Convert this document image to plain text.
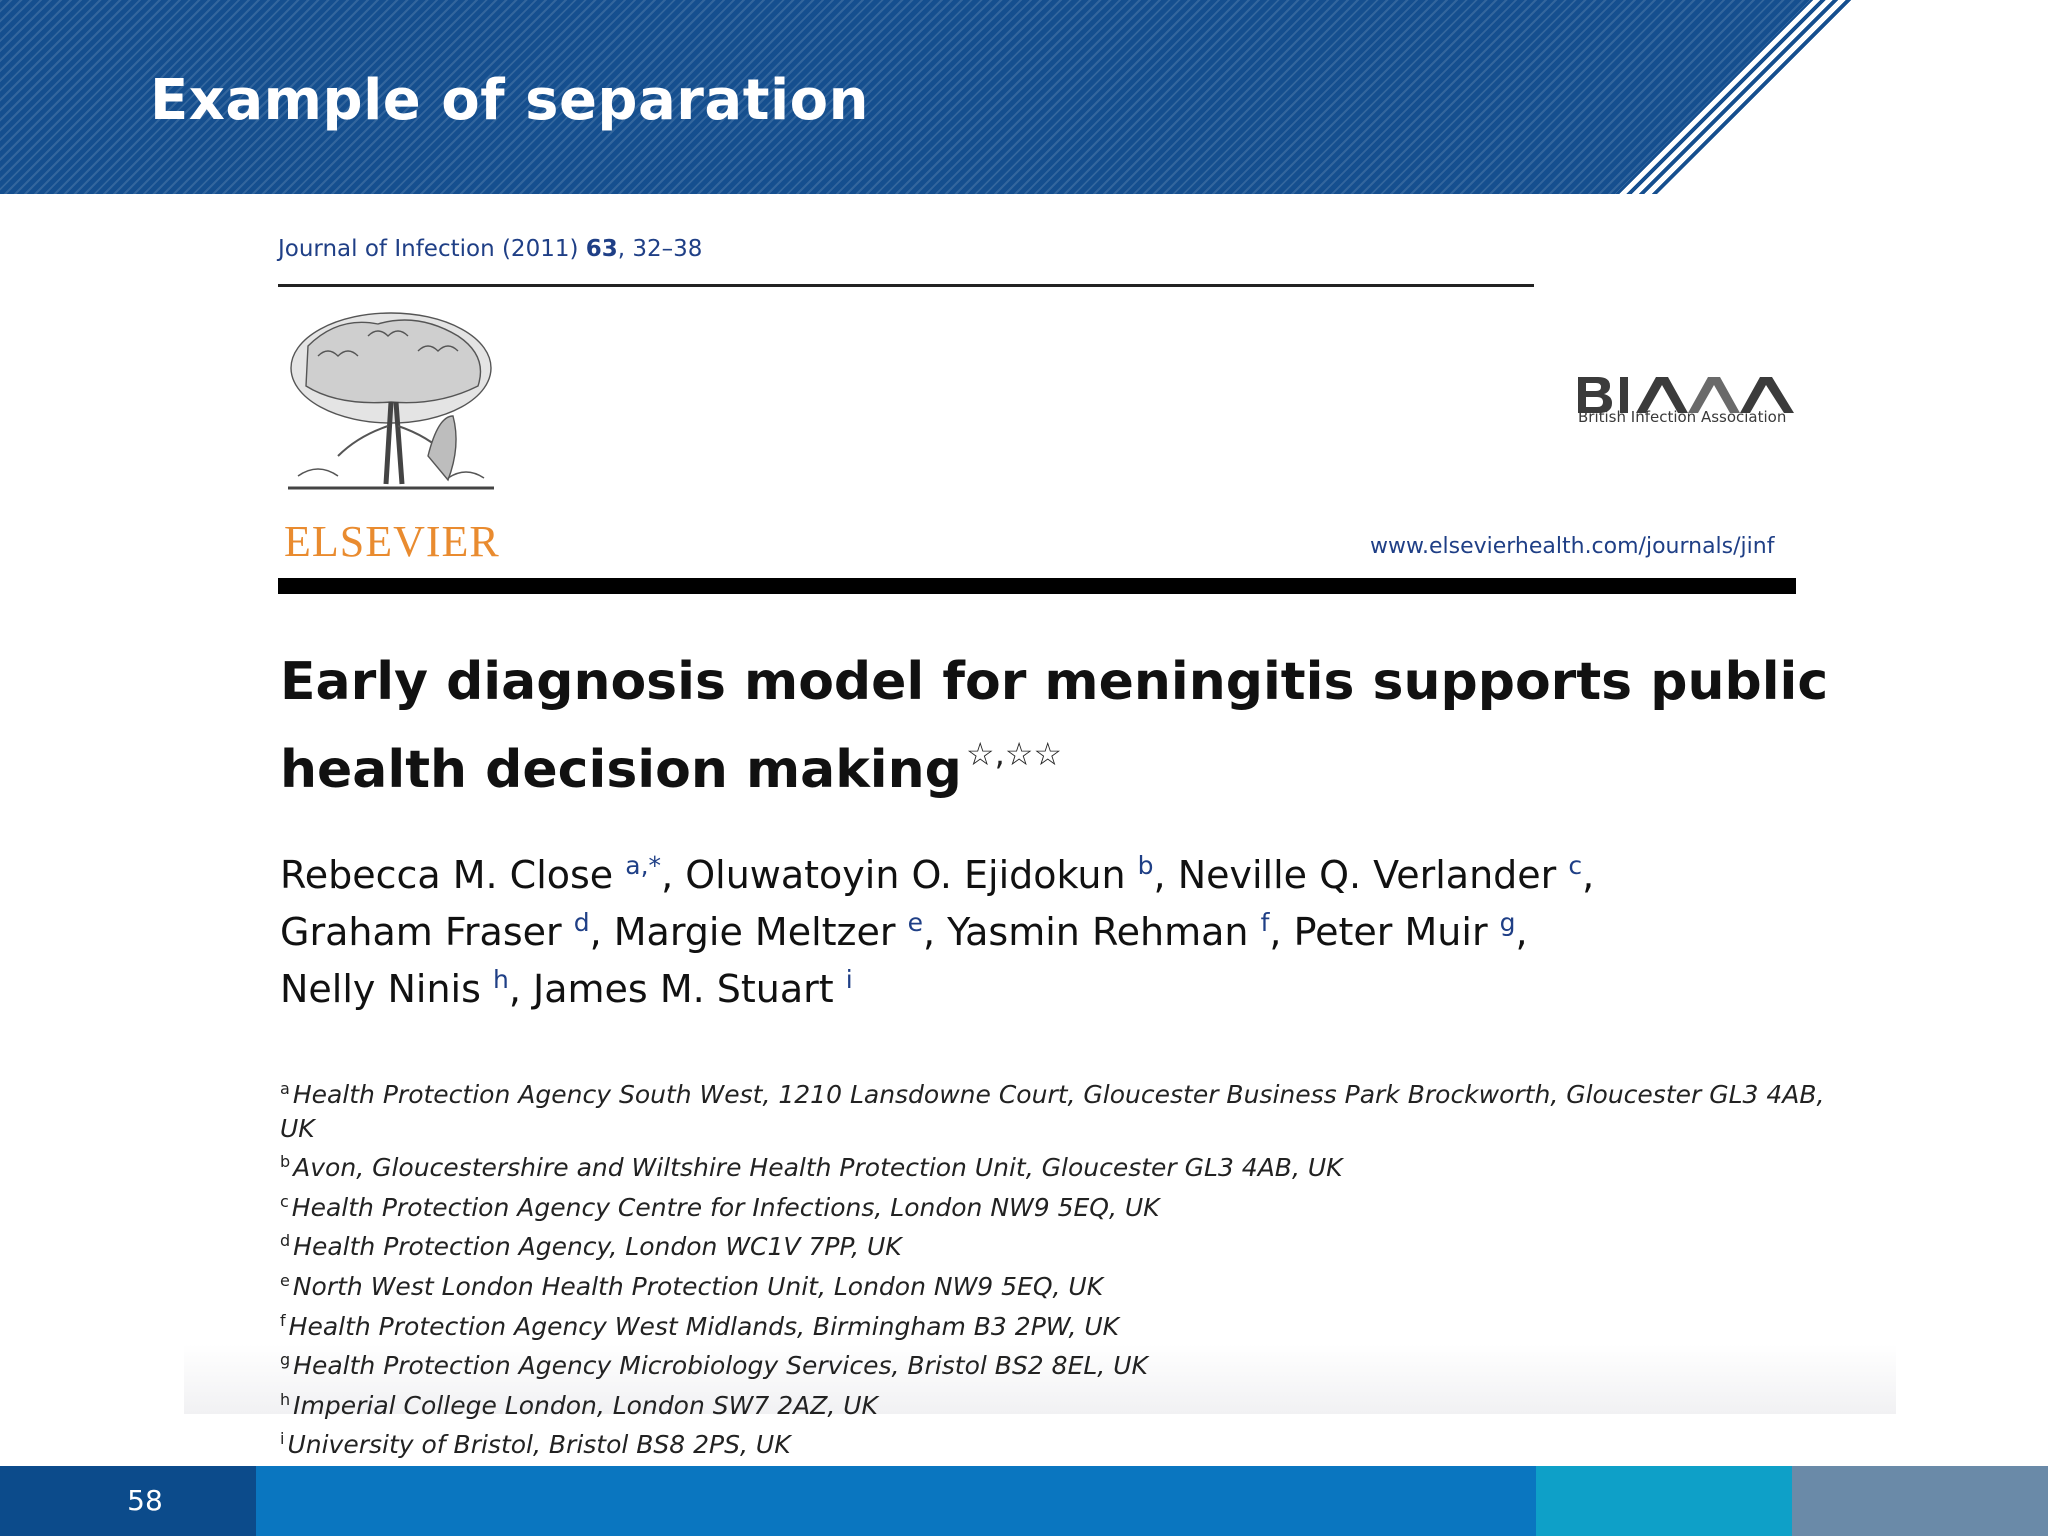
Example of separation

Journal of Infection (2011) 63, 32–38

ELSEVIER

British Infection Association

www.elsevierhealth.com/journals/jinf

Early diagnosis model for meningitis supports public health decision making ☆,☆☆

Rebecca M. Close $^{a,*}$, Oluwatoyin O. Ejidokun $^b$, Neville Q. Verlander $^c$,
Graham Fraser $^d$, Margie Meltzer $^e$, Yasmin Rehman $^f$, Peter Muir $^g$,
Nelly Ninis $^h$, James M. Stuart $^i$

$^a$ Health Protection Agency South West, 1210 Lansdowne Court, Gloucester Business Park Brockworth, Gloucester GL3 4AB, UK
$^b$ Avon, Gloucestershire and Wiltshire Health Protection Unit, Gloucester GL3 4AB, UK
$^c$ Health Protection Agency Centre for Infections, London NW9 5EQ, UK
$^d$ Health Protection Agency, London WC1V 7PP, UK
$^e$ North West London Health Protection Unit, London NW9 5EQ, UK
$^f$ Health Protection Agency West Midlands, Birmingham B3 2PW, UK
$^g$ Health Protection Agency Microbiology Services, Bristol BS2 8EL, UK
$^h$ Imperial College London, London SW7 2AZ, UK
$^i$ University of Bristol, Bristol BS8 2PS, UK

58
